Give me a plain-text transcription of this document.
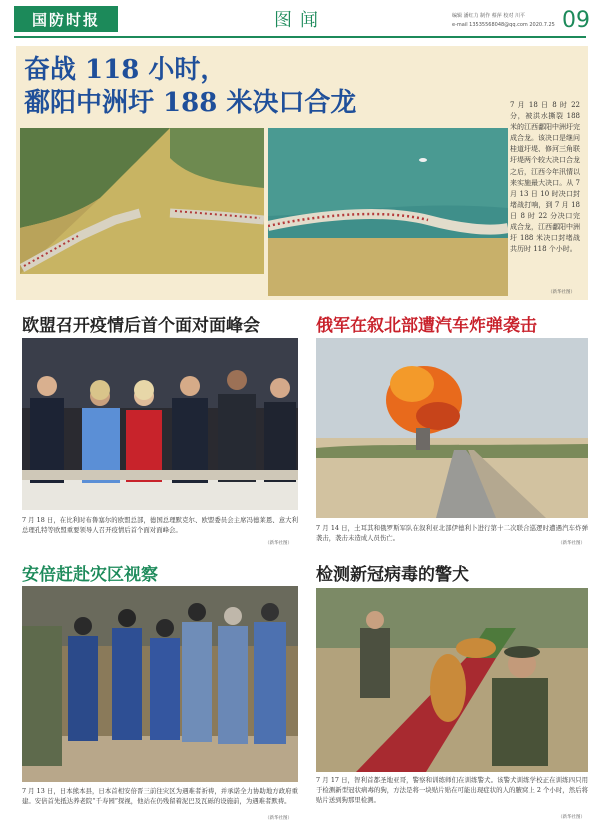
国防时报	图闻	编辑 潘红力 制作 蔡萍 校对 川平
e-mail 13535568048@qq.com 2020.7.25 09
奋战 118 小时，
鄱阳中洲圩 188 米决口合龙	7 月 18 日 8 时 22 分，被洪水撕裂 188 米的江西鄱阳中洲圩完成合龙。该决口是继问桂道圩堤、修河三角联圩堤两个较大决口合龙之后，江西今年汛情以来实施最大决口。从 7 月 13 日 10 时决口封堵战打响，到 7 月 18 日 8 时 22 分决口完成合龙，江西鄱阳中洲圩 188 米决口封堵战共历时 118 个小时。
（新华社图）
欧盟召开疫情后首个面对面峰会
7 月 18 日，在比利时布鲁塞尔的欧盟总部，德国总理默克尔、欧盟委员会主席冯德莱恩、意大利总理孔特等欧盟重要领导人召开疫情后首个面对面峰会。
（新华社图）
俄军在叙北部遭汽车炸弹袭击
7 月 14 日，土耳其和俄罗斯军队在叙利亚北部伊德利卜进行第十二次联合巡逻时遭遇汽车炸弹袭击，袭击未造成人员伤亡。
（新华社图）
安倍赶赴灾区视察
7 月 13 日，日本熊本县，日本首相安倍晋三前往灾区为遇难者祈祷，并承诺全力协助地方政府重建。安倍首先抵达养老院“千寿园”探视，他站在仍残留着泥巴及瓦砾的设施前，为遇难者默祷。
（新华社图）
检测新冠病毒的警犬
7 月 17 日，智利首都圣地亚哥，警察和训练师们在训练警犬。该警犬训练学校正在训练四只用于检测新型冠状病毒的狗，方法是将一块贴片贴在可能出现症状的人的腋窝上 2 个小时，然后将贴片送到狗那里检测。
（新华社图）
